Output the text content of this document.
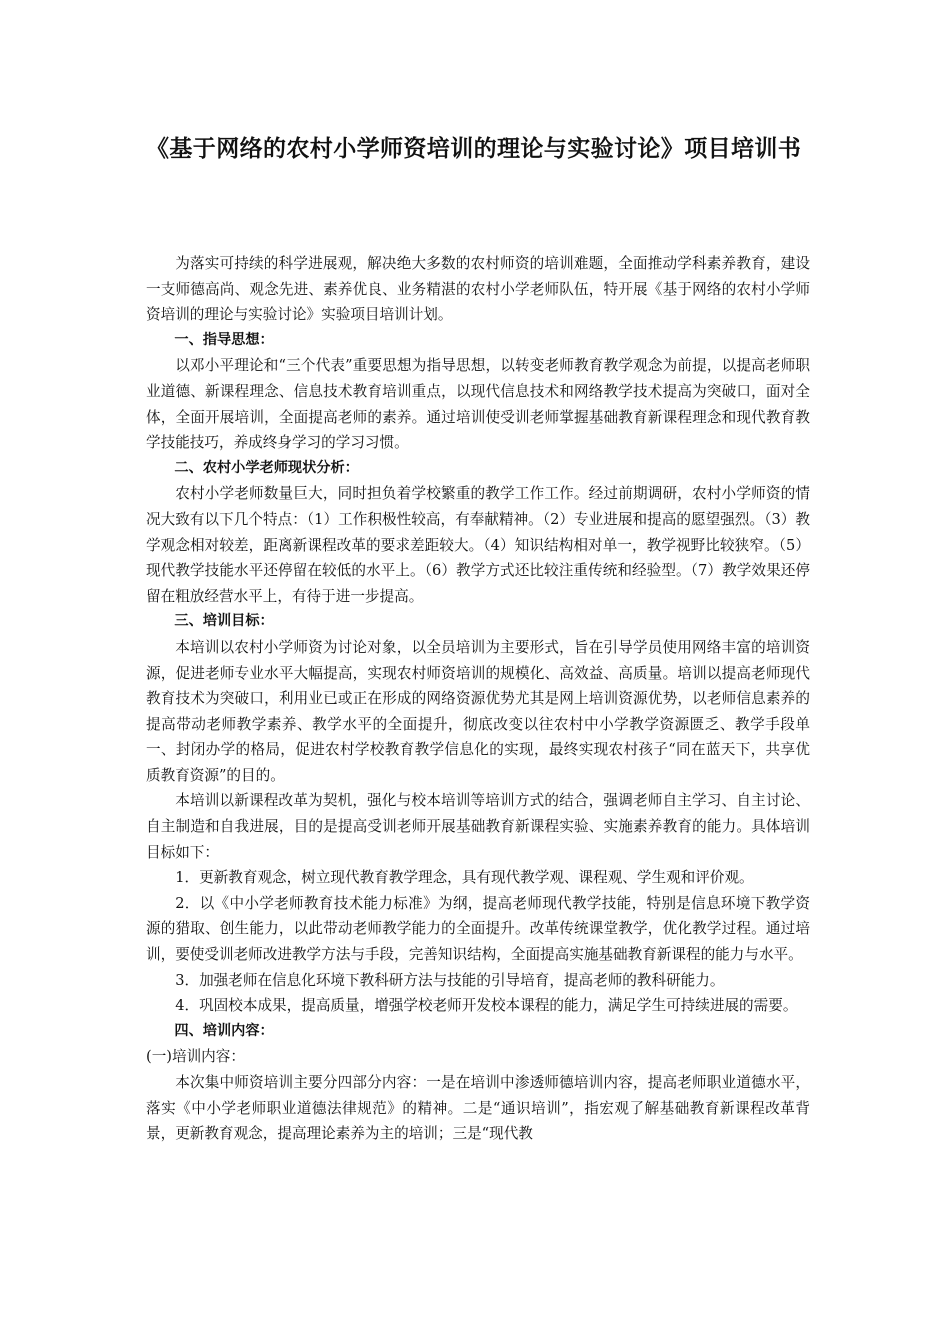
《基于网络的农村小学师资培训的理论与实验讨论》项目培训书

为落实可持续的科学进展观，解决绝大多数的农村师资的培训难题，全面推动学科素养教育，建设一支师德高尚、观念先进、素养优良、业务精湛的农村小学老师队伍，特开展《基于网络的农村小学师资培训的理论与实验讨论》实验项目培训计划。

一、指导思想：

以邓小平理论和“三个代表”重要思想为指导思想，以转变老师教育教学观念为前提，以提高老师职业道德、新课程理念、信息技术教育培训重点，以现代信息技术和网络教学技术提高为突破口，面对全体，全面开展培训，全面提高老师的素养。通过培训使受训老师掌握基础教育新课程理念和现代教育教学技能技巧，养成终身学习的学习习惯。

二、农村小学老师现状分析：

农村小学老师数量巨大，同时担负着学校繁重的教学工作工作。经过前期调研，农村小学师资的情况大致有以下几个特点：（1）工作积极性较高，有奉献精神。（2）专业进展和提高的愿望强烈。（3）教学观念相对较差，距离新课程改革的要求差距较大。（4）知识结构相对单一，教学视野比较狭窄。（5）现代教学技能水平还停留在较低的水平上。（6）教学方式还比较注重传统和经验型。（7）教学效果还停留在粗放经营水平上，有待于进一步提高。

三、培训目标：

本培训以农村小学师资为讨论对象，以全员培训为主要形式，旨在引导学员使用网络丰富的培训资源，促进老师专业水平大幅提高，实现农村师资培训的规模化、高效益、高质量。培训以提高老师现代教育技术为突破口，利用业已或正在形成的网络资源优势尤其是网上培训资源优势，以老师信息素养的提高带动老师教学素养、教学水平的全面提升，彻底改变以往农村中小学教学资源匮乏、教学手段单一、封闭办学的格局，促进农村学校教育教学信息化的实现，最终实现农村孩子“同在蓝天下，共享优质教育资源”的目的。

本培训以新课程改革为契机，强化与校本培训等培训方式的结合，强调老师自主学习、自主讨论、自主制造和自我进展，目的是提高受训老师开展基础教育新课程实验、实施素养教育的能力。具体培训目标如下：

1．更新教育观念，树立现代教育教学理念，具有现代教学观、课程观、学生观和评价观。

2．以《中小学老师教育技术能力标准》为纲，提高老师现代教学技能，特别是信息环境下教学资源的猎取、创生能力，以此带动老师教学能力的全面提升。改革传统课堂教学，优化教学过程。通过培训，要使受训老师改进教学方法与手段，完善知识结构，全面提高实施基础教育新课程的能力与水平。

3．加强老师在信息化环境下教科研方法与技能的引导培育，提高老师的教科研能力。

4．巩固校本成果，提高质量，增强学校老师开发校本课程的能力，满足学生可持续进展的需要。

四、培训内容：

(一)培训内容：

本次集中师资培训主要分四部分内容：一是在培训中渗透师德培训内容，提高老师职业道德水平，落实《中小学老师职业道德法律规范》的精神。二是“通识培训”，指宏观了解基础教育新课程改革背景，更新教育观念，提高理论素养为主的培训；三是“现代教
